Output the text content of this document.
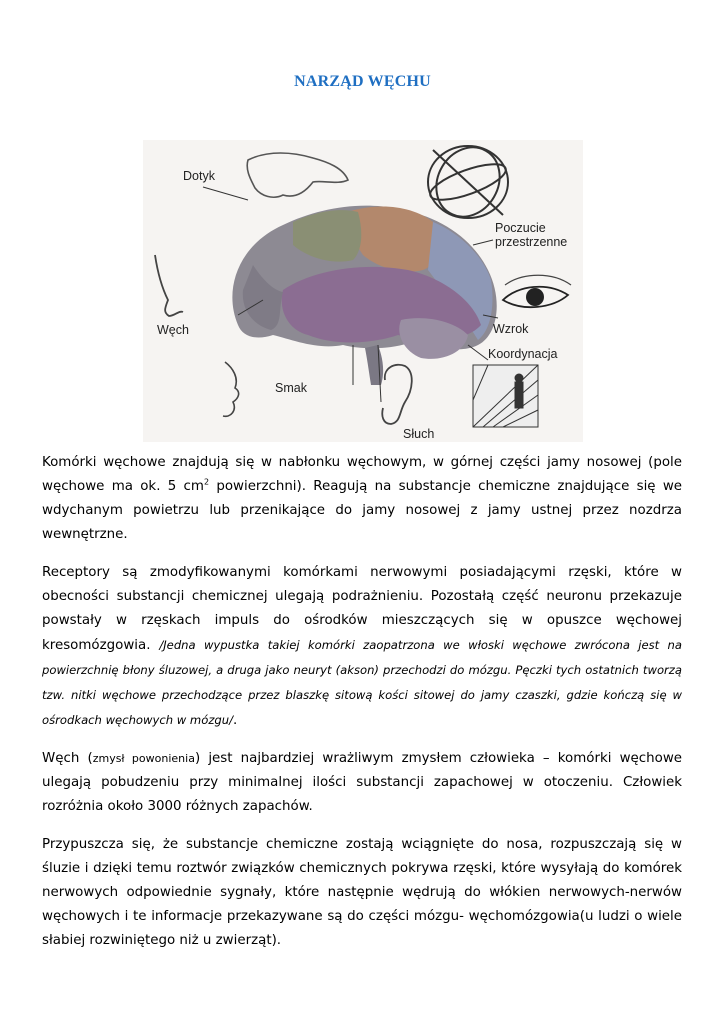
NARZĄD WĘCHU
Dotyk
Poczucie
przestrzenne
Węch	Wzrok
Koordynacja
Smak
Słuch

Komórki węchowe znajdują się w nabłonku węchowym, w górnej części jamy nosowej (pole węchowe ma ok. 5 $cm^2$ powierzchni). Reagują na substancje chemiczne znajdujące się we wdychanym powietrzu lub przenikające do jamy nosowej z jamy ustnej przez nozdrza wewnętrzne.

Receptory są zmodyfikowanymi komórkami nerwowymi posiadającymi rzęski, które w obecności substancji chemicznej ulegają podrażnieniu. Pozostałą część neuronu przekazuje powstały w rzęskach impuls do ośrodków mieszczących się w opuszce węchowej kresomózgowia. /Jedna wypustka takiej komórki zaopatrzona we włoski węchowe zwrócona jest na powierzchnię błony śluzowej, a druga jako neuryt (akson) przechodzi do mózgu. Pęczki tych ostatnich tworzą tzw. nitki węchowe przechodzące przez blaszkę sitową kości sitowej do jamy czaszki, gdzie kończą się w ośrodkach węchowych w mózgu/.

Węch (zmysł powonienia) jest najbardziej wrażliwym zmysłem człowieka – komórki węchowe ulegają pobudzeniu przy minimalnej ilości substancji zapachowej w otoczeniu. Człowiek rozróżnia około 3000 różnych zapachów.

Przypuszcza się, że substancje chemiczne zostają wciągnięte do nosa, rozpuszczają się w śluzie i dzięki temu roztwór związków chemicznych pokrywa rzęski, które wysyłają do komórek nerwowych odpowiednie sygnały, które następnie wędrują do włókien nerwowych-nerwów węchowych i te informacje przekazywane są do części mózgu- węchomózgowia(u ludzi o wiele słabiej rozwiniętego niż u zwierząt).
